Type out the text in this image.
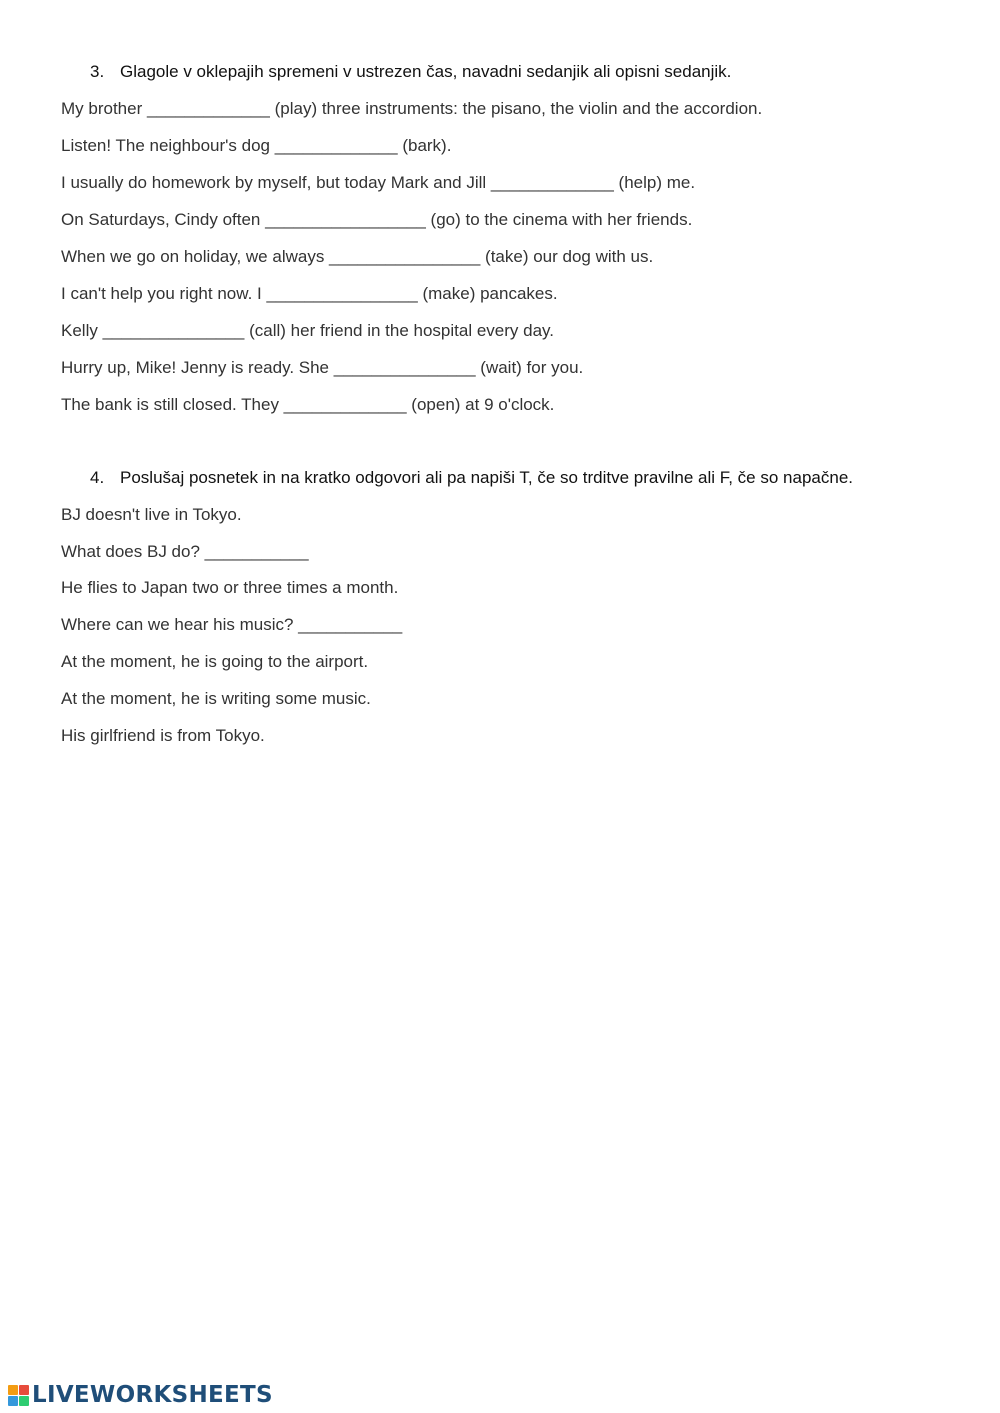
3. Glagole v oklepajih spremeni v ustrezen čas, navadni sedanjik ali opisni sedanjik.
My brother _____________ (play) three instruments: the pisano, the violin and the accordion.
Listen! The neighbour's dog _____________ (bark).
I usually do homework by myself, but today Mark and Jill _____________ (help) me.
On Saturdays, Cindy often _________________ (go) to the cinema with her friends.
When we go on holiday, we always ________________ (take) our dog with us.
I can't help you right now. I ________________ (make) pancakes.
Kelly _______________ (call) her friend in the hospital every day.
Hurry up, Mike! Jenny is ready. She _______________ (wait) for you.
The bank is still closed. They _____________ (open) at 9 o'clock.
4. Poslušaj posnetek in na kratko odgovori ali pa napiši T, če so trditve pravilne ali F, če so napačne.
BJ doesn't live in Tokyo.
What does BJ do? ___________
He flies to Japan two or three times a month.
Where can we hear his music? ___________
At the moment, he is going to the airport.
At the moment, he is writing some music.
His girlfriend is from Tokyo.
LIVEWORKSHEETS
